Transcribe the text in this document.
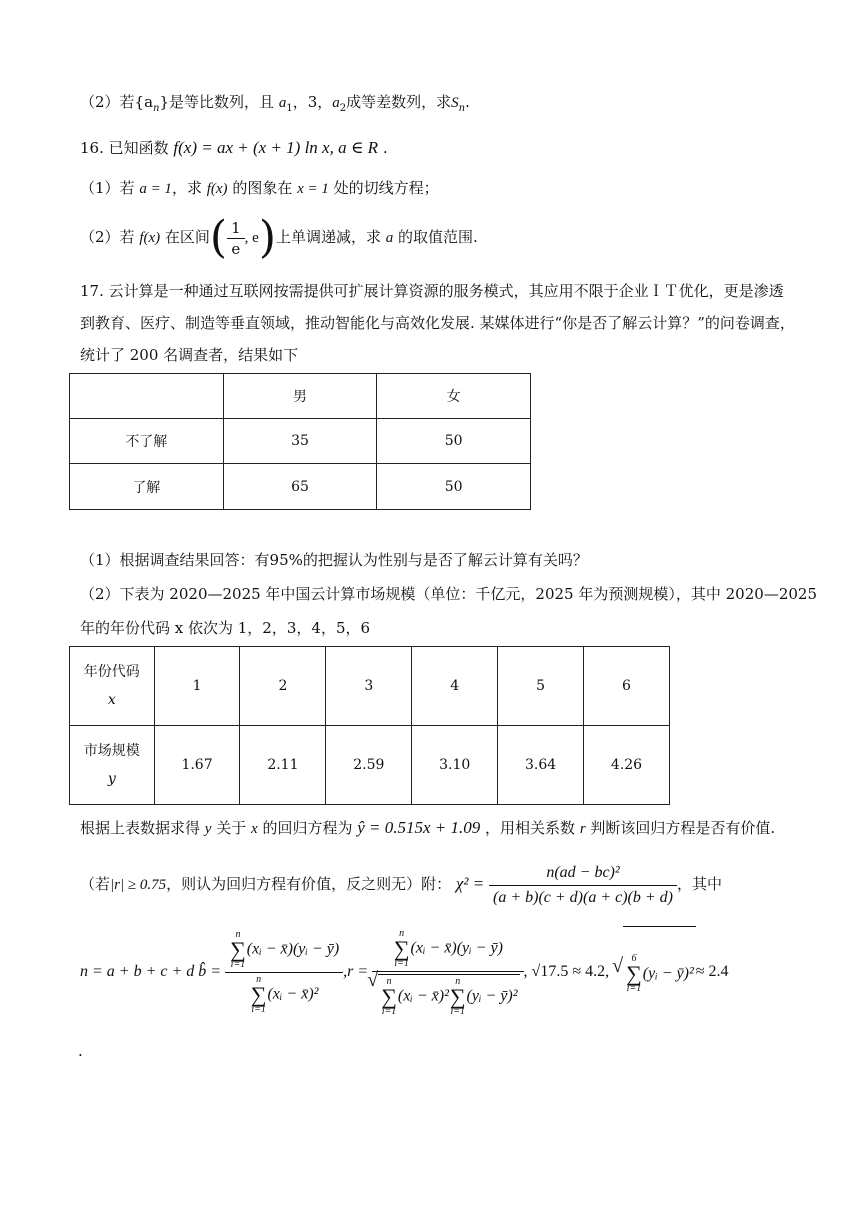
（2）若$\{a_n\}$是等比数列，且 $a_1$，3，$a_2$成等差数列，求$S_n$.
16. 已知函数 f(x) = ax + (x + 1) ln x, a ∈ R .
（1）若 a = 1，求 f(x) 的图象在 x = 1 处的切线方程；
（2）若 f(x) 在区间( $\frac{1}{e}$ , e)上单调递减，求 a 的取值范围.
17. 云计算是一种通过互联网按需提供可扩展计算资源的服务模式，其应用不限于企业ＩＴ优化，更是渗透
到教育、医疗、制造等垂直领域，推动智能化与高效化发展. 某媒体进行“你是否了解云计算？”的问卷调查，
统计了 200 名调查者，结果如下
	男	女
不了解	35	50
了解	65	50
（1）根据调查结果回答：有95%的把握认为性别与是否了解云计算有关吗？
（2）下表为 2020—2025 年中国云计算市场规模（单位：千亿元，2025 年为预测规模），其中 2020—2025
年的年份代码 x 依次为 1，2，3，4，5，6
年份代码
x	1	2	3	4	5	6

市场规模
y	1.67	2.11	2.59	3.10	3.64	4.26
根据上表数据求得 y 关于 x 的回归方程为 ŷ = 0.515x + 1.09 ，用相关系数 r 判断该回归方程是否有价值.
（若|r| ≥ 0.75，则认为回归方程有价值，反之则无）附： $\chi^2 = \frac{\text{n(ad − bc)²}}{(a + b)(c + d)(a + c)(b + d)}$ ，其中
n = a + b + c + d b̂ = n
∑
i=1(xᵢ − x̄)(yᵢ − ȳ)
n
∑
i=1(xᵢ − x̄)² ,r = n
∑
i=1(xᵢ − x̄)(yᵢ − ȳ)
√ n
∑
i=1(xᵢ − x̄)²n
∑
i=1(yᵢ − ȳ)² , √17.5 ≈ 4.2, √ 6
∑
i=1(yᵢ − ȳ)² ≈ 2.4
.
